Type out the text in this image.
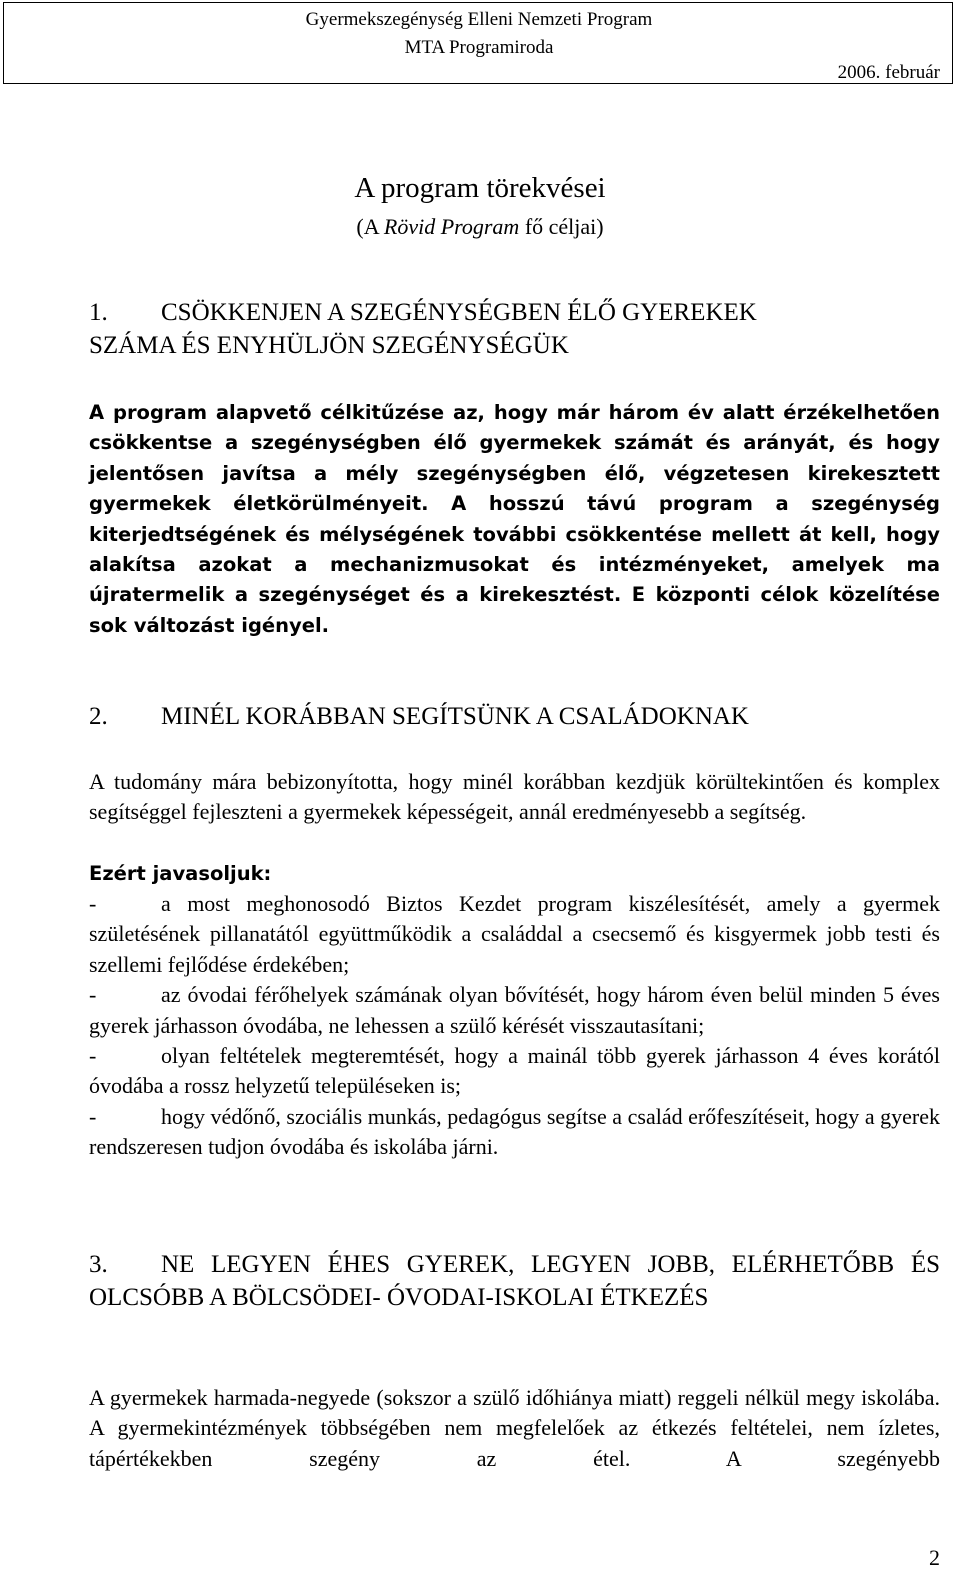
Gyermekszegénység Elleni Nemzeti Program
MTA Programiroda
2006. február
A program törekvései
(A Rövid Program fő céljai)
1. CSÖKKENJEN A SZEGÉNYSÉGBEN ÉLŐ GYEREKEK
SZÁMA ÉS ENYHÜLJÖN SZEGÉNYSÉGÜK
A program alapvető célkitűzése az, hogy már három év alatt érzékelhetően csökkentse a szegénységben élő gyermekek számát és arányát, és hogy jelentősen javítsa a mély szegénységben élő, végzetesen kirekesztett gyermekek életkörülményeit. A hosszú távú program a szegénység kiterjedtségének és mélységének további csökkentése mellett át kell, hogy alakítsa azokat a mechanizmusokat és intézményeket, amelyek ma újratermelik a szegénységet és a kirekesztést. E központi célok közelítése sok változást igényel.
2. MINÉL KORÁBBAN SEGÍTSÜNK A CSALÁDOKNAK
A tudomány mára bebizonyította, hogy minél korábban kezdjük körültekintően és komplex segítséggel fejleszteni a gyermekek képességeit, annál eredményesebb a segítség.
Ezért javasoljuk:
-	a most meghonosodó Biztos Kezdet program kiszélesítését, amely a gyermek születésének pillanatától együttműködik a családdal a csecsemő és kisgyermek jobb testi és szellemi fejlődése érdekében;
-	az óvodai férőhelyek számának olyan bővítését, hogy három éven belül minden 5 éves gyerek járhasson óvodába, ne lehessen a szülő kérését visszautasítani;
-	olyan feltételek megteremtését, hogy a mainál több gyerek járhasson 4 éves korától óvodába a rossz helyzetű településeken is;
-	hogy védőnő, szociális munkás, pedagógus segítse a család erőfeszítéseit, hogy a gyerek rendszeresen tudjon óvodába és iskolába járni.
3. NE LEGYEN ÉHES GYEREK, LEGYEN JOBB, ELÉRHETŐBB ÉS OLCSÓBB A BÖLCSÖDEI- ÓVODAI-ISKOLAI ÉTKEZÉS
A gyermekek harmada-negyede (sokszor a szülő időhiánya miatt) reggeli nélkül megy iskolába. A gyermekintézmények többségében nem megfelelőek az étkezés feltételei, nem ízletes, tápértékekben szegény az étel. A szegényebb
2
